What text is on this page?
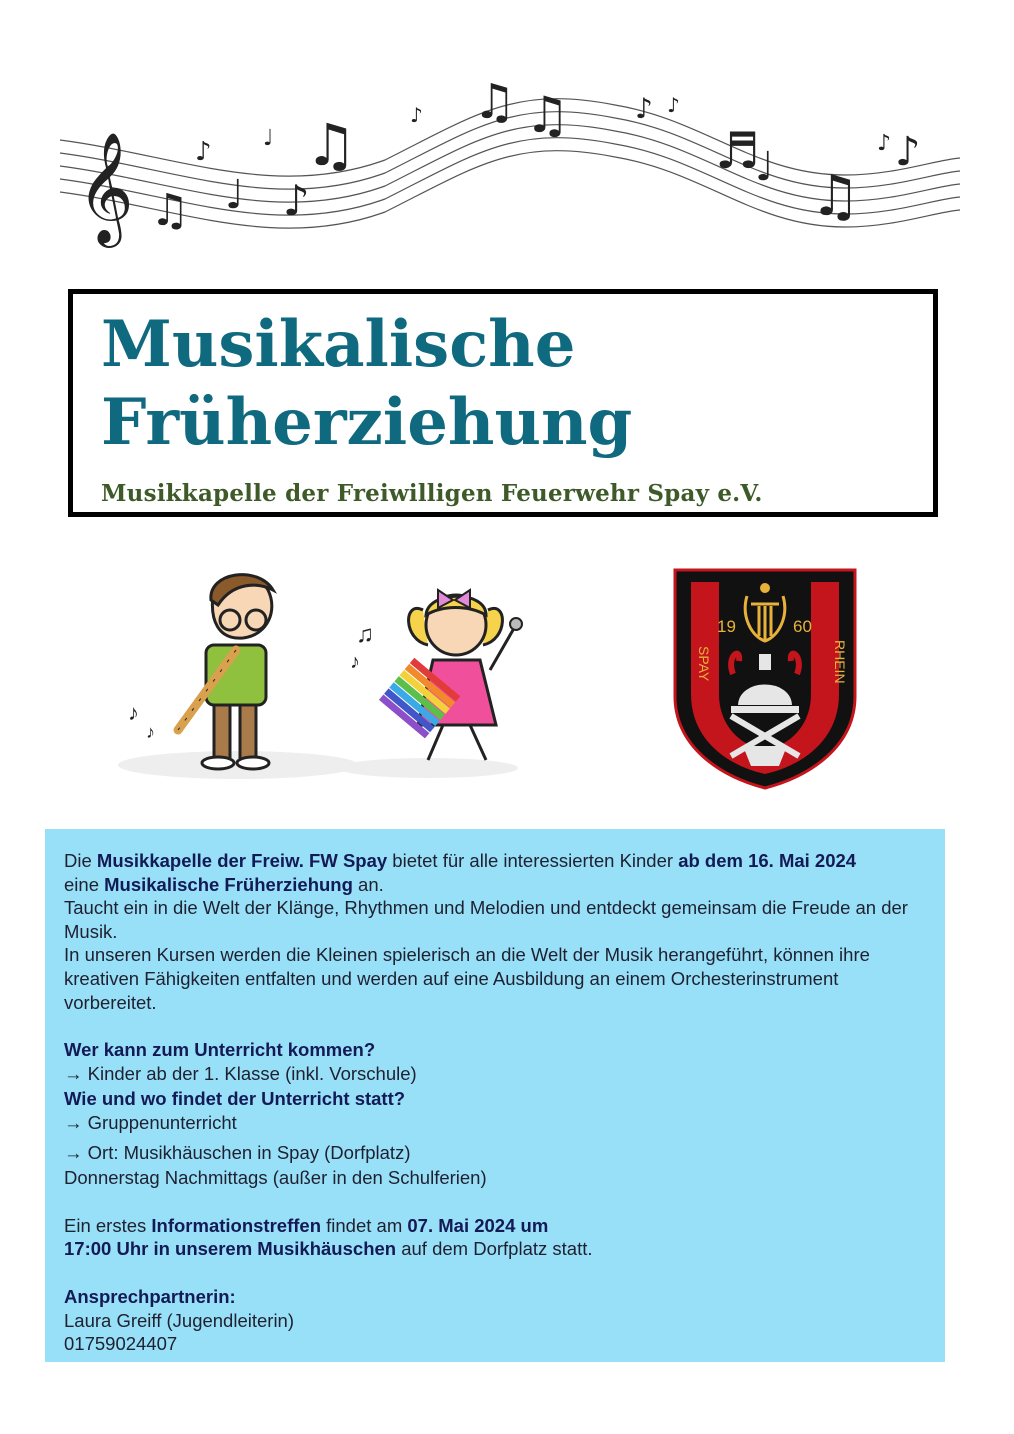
𝄞 ♫
♪
♩
♩
♪
♫	♪ ♫ ♫ ♪ ♪
♬
♩ ♫
♪ ♪
Musikalische
Früherziehung

Musikkapelle der Freiwilligen Feuerwehr Spay e.V.

♪
♪
♫
♪
19	60
SPAY	RHEIN

Die Musikkapelle der Freiw. FW Spay bietet für alle interessierten Kinder ab dem 16. Mai 2024
eine Musikalische Früherziehung an.

Taucht ein in die Welt der Klänge, Rhythmen und Melodien und entdeckt gemeinsam die Freude an der Musik.

In unseren Kursen werden die Kleinen spielerisch an die Welt der Musik herangeführt, können ihre kreativen Fähigkeiten entfalten und werden auf eine Ausbildung an einem Orchesterinstrument vorbereitet.

Wer kann zum Unterricht kommen?

→ Kinder ab der 1. Klasse (inkl. Vorschule)

Wie und wo findet der Unterricht statt?

→ Gruppenunterricht

→ Ort: Musikhäuschen in Spay (Dorfplatz)

Donnerstag Nachmittags (außer in den Schulferien)

Ein erstes Informationstreffen findet am 07. Mai 2024 um
17:00 Uhr in unserem Musikhäuschen auf dem Dorfplatz statt.

Ansprechpartnerin:

Laura Greiff (Jugendleiterin)

01759024407
